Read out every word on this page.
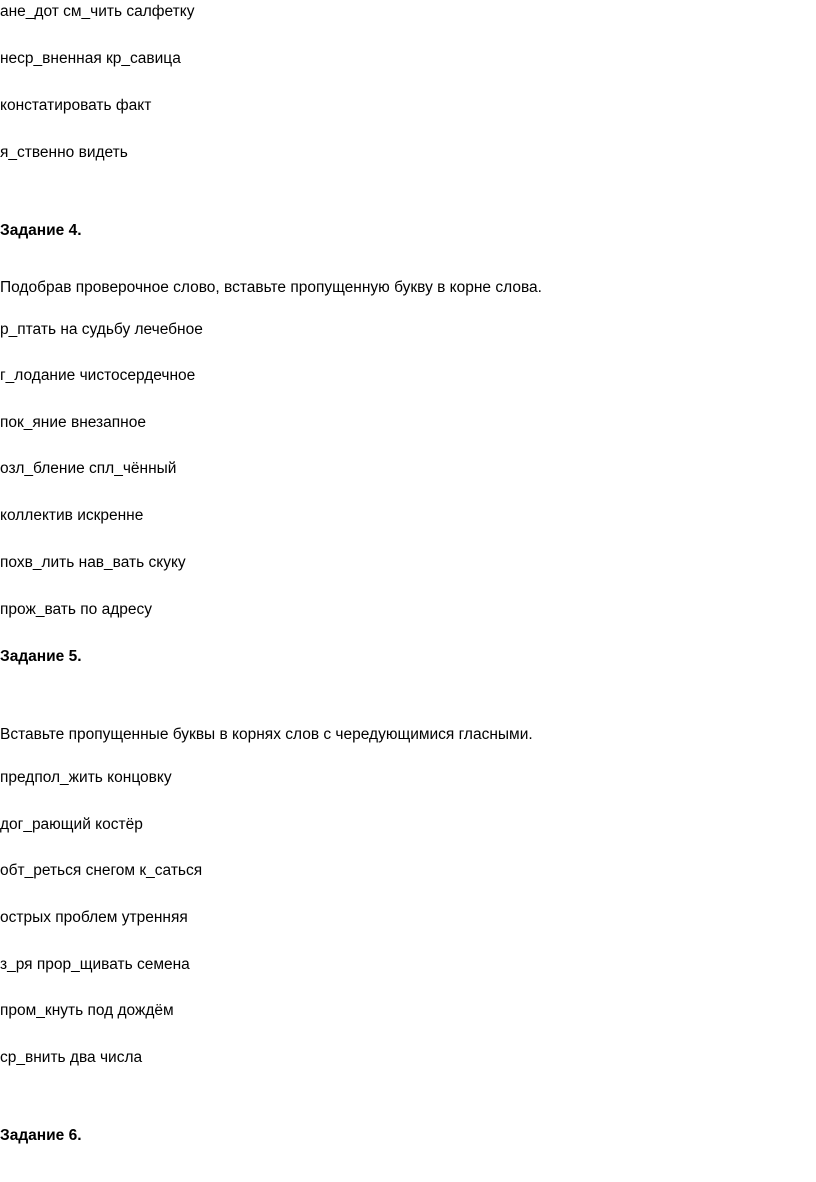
ане_дот см_чить салфетку

неср_вненная кр_савица

констатировать факт

я_ственно видеть

Задание 4.

Подобрав проверочное слово, вставьте пропущенную букву в корне слова.

р_птать на судьбу лечебное

г_лодание чистосердечное

пок_яние внезапное

озл_бление спл_чённый

коллектив искренне

похв_лить нав_вать скуку

прож_вать по адресу

Задание 5.

Вставьте пропущенные буквы в корнях слов с чередующимися гласными.

предпол_жить концовку

дог_рающий костёр

обт_реться снегом к_саться

острых проблем утренняя

з_ря прор_щивать семена

пром_кнуть под дождём

ср_внить два числа

Задание 6.
